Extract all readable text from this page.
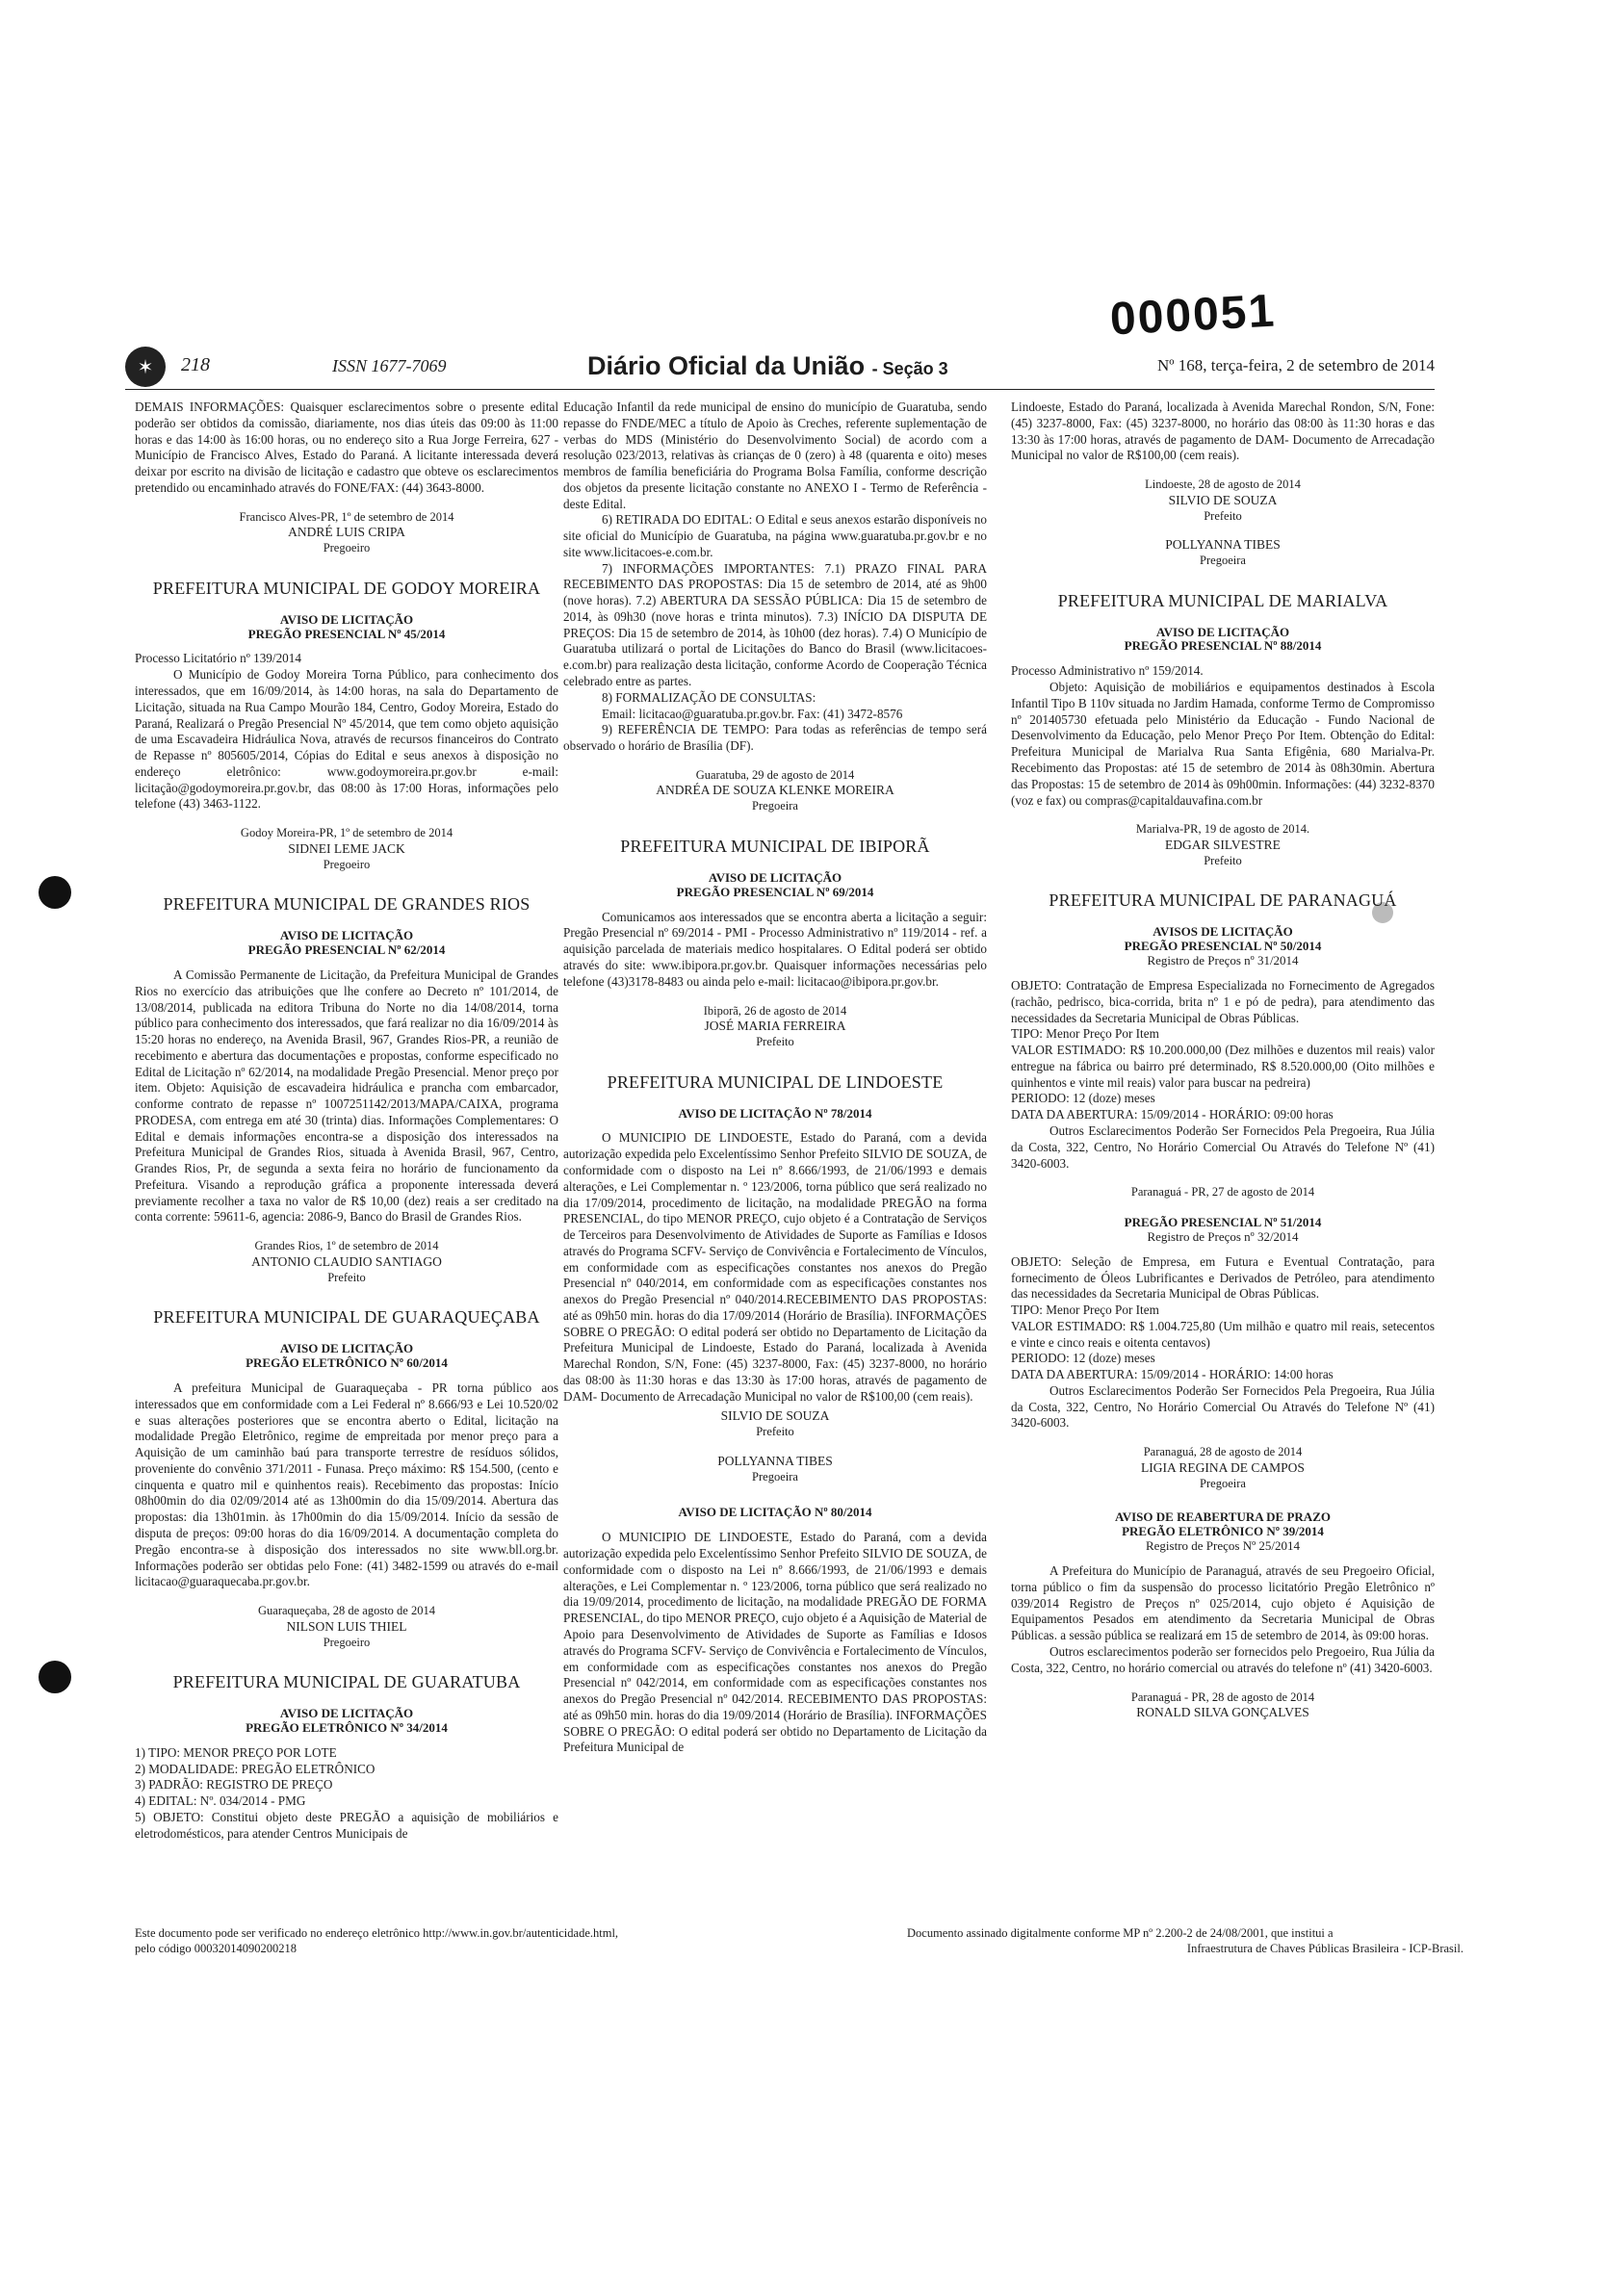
000051
✶	218	ISSN 1677-7069	Diário Oficial da União - Seção 3	Nº 168, terça-feira, 2 de setembro de 2014

DEMAIS INFORMAÇÕES: Quaisquer esclarecimentos sobre o presente edital poderão ser obtidos da comissão, diariamente, nos dias úteis das 09:00 às 11:00 horas e das 14:00 às 16:00 horas, ou no endereço sito a Rua Jorge Ferreira, 627 - Município de Francisco Alves, Estado do Paraná. A licitante interessada deverá deixar por escrito na divisão de licitação e cadastro que obteve os esclarecimentos pretendido ou encaminhado através do FONE/FAX: (44) 3643-8000.

Francisco Alves-PR, 1º de setembro de 2014
ANDRÉ LUIS CRIPA
Pregoeiro
PREFEITURA MUNICIPAL DE GODOY MOREIRA
AVISO DE LICITAÇÃO
PREGÃO PRESENCIAL Nº 45/2014

Processo Licitatório nº 139/2014

O Município de Godoy Moreira Torna Público, para conhecimento dos interessados, que em 16/09/2014, às 14:00 horas, na sala do Departamento de Licitação, situada na Rua Campo Mourão 184, Centro, Godoy Moreira, Estado do Paraná, Realizará o Pregão Presencial Nº 45/2014, que tem como objeto aquisição de uma Escavadeira Hidráulica Nova, através de recursos financeiros do Contrato de Repasse nº 805605/2014, Cópias do Edital e seus anexos à disposição no endereço eletrônico: www.godoymoreira.pr.gov.br e-mail: licitação@godoymoreira.pr.gov.br, das 08:00 às 17:00 Horas, informações pelo telefone (43) 3463-1122.

Godoy Moreira-PR, 1º de setembro de 2014
SIDNEI LEME JACK
Pregoeiro
PREFEITURA MUNICIPAL DE GRANDES RIOS
AVISO DE LICITAÇÃO
PREGÃO PRESENCIAL Nº 62/2014

A Comissão Permanente de Licitação, da Prefeitura Municipal de Grandes Rios no exercício das atribuições que lhe confere ao Decreto nº 101/2014, de 13/08/2014, publicada na editora Tribuna do Norte no dia 14/08/2014, torna público para conhecimento dos interessados, que fará realizar no dia 16/09/2014 às 15:20 horas no endereço, na Avenida Brasil, 967, Grandes Rios-PR, a reunião de recebimento e abertura das documentações e propostas, conforme especificado no Edital de Licitação nº 62/2014, na modalidade Pregão Presencial. Menor preço por item. Objeto: Aquisição de escavadeira hidráulica e prancha com embarcador, conforme contrato de repasse nº 1007251142/2013/MAPA/CAIXA, programa PRODESA, com entrega em até 30 (trinta) dias. Informações Complementares: O Edital e demais informações encontra-se a disposição dos interessados na Prefeitura Municipal de Grandes Rios, situada à Avenida Brasil, 967, Centro, Grandes Rios, Pr, de segunda a sexta feira no horário de funcionamento da Prefeitura. Visando a reprodução gráfica a proponente interessada deverá previamente recolher a taxa no valor de R$ 10,00 (dez) reais a ser creditado na conta corrente: 59611-6, agencia: 2086-9, Banco do Brasil de Grandes Rios.

Grandes Rios, 1º de setembro de 2014
ANTONIO CLAUDIO SANTIAGO
Prefeito
PREFEITURA MUNICIPAL DE GUARAQUEÇABA
AVISO DE LICITAÇÃO
PREGÃO ELETRÔNICO Nº 60/2014

A prefeitura Municipal de Guaraqueçaba - PR torna público aos interessados que em conformidade com a Lei Federal nº 8.666/93 e Lei 10.520/02 e suas alterações posteriores que se encontra aberto o Edital, licitação na modalidade Pregão Eletrônico, regime de empreitada por menor preço para a Aquisição de um caminhão baú para transporte terrestre de resíduos sólidos, proveniente do convênio 371/2011 - Funasa. Preço máximo: R$ 154.500, (cento e cinquenta e quatro mil e quinhentos reais). Recebimento das propostas: Início 08h00min do dia 02/09/2014 até as 13h00min do dia 15/09/2014. Abertura das propostas: dia 13h01min. às 17h00min do dia 15/09/2014. Início da sessão de disputa de preços: 09:00 horas do dia 16/09/2014. A documentação completa do Pregão encontra-se à disposição dos interessados no site www.bll.org.br. Informações poderão ser obtidas pelo Fone: (41) 3482-1599 ou através do e-mail licitacao@guaraquecaba.pr.gov.br.

Guaraqueçaba, 28 de agosto de 2014
NILSON LUIS THIEL
Pregoeiro
PREFEITURA MUNICIPAL DE GUARATUBA
AVISO DE LICITAÇÃO
PREGÃO ELETRÔNICO Nº 34/2014

1) TIPO: MENOR PREÇO POR LOTE

2) MODALIDADE: PREGÃO ELETRÔNICO

3) PADRÃO: REGISTRO DE PREÇO

4) EDITAL: Nº. 034/2014 - PMG

5) OBJETO: Constitui objeto deste PREGÃO a aquisição de mobiliários e eletrodomésticos, para atender Centros Municipais de

Educação Infantil da rede municipal de ensino do município de Guaratuba, sendo repasse do FNDE/MEC a título de Apoio às Creches, referente suplementação de verbas do MDS (Ministério do Desenvolvimento Social) de acordo com a resolução 023/2013, relativas às crianças de 0 (zero) à 48 (quarenta e oito) meses membros de família beneficiária do Programa Bolsa Família, conforme descrição dos objetos da presente licitação constante no ANEXO I - Termo de Referência - deste Edital.

6) RETIRADA DO EDITAL: O Edital e seus anexos estarão disponíveis no site oficial do Município de Guaratuba, na página www.guaratuba.pr.gov.br e no site www.licitacoes-e.com.br.

7) INFORMAÇÕES IMPORTANTES: 7.1) PRAZO FINAL PARA RECEBIMENTO DAS PROPOSTAS: Dia 15 de setembro de 2014, até as 9h00 (nove horas). 7.2) ABERTURA DA SESSÃO PÚBLICA: Dia 15 de setembro de 2014, às 09h30 (nove horas e trinta minutos). 7.3) INÍCIO DA DISPUTA DE PREÇOS: Dia 15 de setembro de 2014, às 10h00 (dez horas). 7.4) O Município de Guaratuba utilizará o portal de Licitações do Banco do Brasil (www.licitacoes-e.com.br) para realização desta licitação, conforme Acordo de Cooperação Técnica celebrado entre as partes.

8) FORMALIZAÇÃO DE CONSULTAS:

Email: licitacao@guaratuba.pr.gov.br. Fax: (41) 3472-8576

9) REFERÊNCIA DE TEMPO: Para todas as referências de tempo será observado o horário de Brasília (DF).

Guaratuba, 29 de agosto de 2014
ANDRÉA DE SOUZA KLENKE MOREIRA
Pregoeira
PREFEITURA MUNICIPAL DE IBIPORÃ
AVISO DE LICITAÇÃO
PREGÃO PRESENCIAL Nº 69/2014

Comunicamos aos interessados que se encontra aberta a licitação a seguir: Pregão Presencial nº 69/2014 - PMI - Processo Administrativo nº 119/2014 - ref. a aquisição parcelada de materiais medico hospitalares. O Edital poderá ser obtido através do site: www.ibipora.pr.gov.br. Quaisquer informações necessárias pelo telefone (43)3178-8483 ou ainda pelo e-mail: licitacao@ibipora.pr.gov.br.

Ibiporã, 26 de agosto de 2014
JOSÉ MARIA FERREIRA
Prefeito
PREFEITURA MUNICIPAL DE LINDOESTE
AVISO DE LICITAÇÃO Nº 78/2014

O MUNICIPIO DE LINDOESTE, Estado do Paraná, com a devida autorização expedida pelo Excelentíssimo Senhor Prefeito SILVIO DE SOUZA, de conformidade com o disposto na Lei nº 8.666/1993, de 21/06/1993 e demais alterações, e Lei Complementar n. º 123/2006, torna público que será realizado no dia 17/09/2014, procedimento de licitação, na modalidade PREGÃO na forma PRESENCIAL, do tipo MENOR PREÇO, cujo objeto é a Contratação de Serviços de Terceiros para Desenvolvimento de Atividades de Suporte as Famílias e Idosos através do Programa SCFV- Serviço de Convivência e Fortalecimento de Vínculos, em conformidade com as especificações constantes nos anexos do Pregão Presencial nº 040/2014, em conformidade com as especificações constantes nos anexos do Pregão Presencial nº 040/2014.RECEBIMENTO DAS PROPOSTAS: até as 09h50 min. horas do dia 17/09/2014 (Horário de Brasília). INFORMAÇÕES SOBRE O PREGÃO: O edital poderá ser obtido no Departamento de Licitação da Prefeitura Municipal de Lindoeste, Estado do Paraná, localizada à Avenida Marechal Rondon, S/N, Fone: (45) 3237-8000, Fax: (45) 3237-8000, no horário das 08:00 às 11:30 horas e das 13:30 às 17:00 horas, através de pagamento de DAM- Documento de Arrecadação Municipal no valor de R$100,00 (cem reais).

SILVIO DE SOUZA
Prefeito
POLLYANNA TIBES
Pregoeira
AVISO DE LICITAÇÃO Nº 80/2014

O MUNICIPIO DE LINDOESTE, Estado do Paraná, com a devida autorização expedida pelo Excelentíssimo Senhor Prefeito SILVIO DE SOUZA, de conformidade com o disposto na Lei nº 8.666/1993, de 21/06/1993 e demais alterações, e Lei Complementar n. º 123/2006, torna público que será realizado no dia 19/09/2014, procedimento de licitação, na modalidade PREGÃO DE FORMA PRESENCIAL, do tipo MENOR PREÇO, cujo objeto é a Aquisição de Material de Apoio para Desenvolvimento de Atividades de Suporte as Famílias e Idosos através do Programa SCFV- Serviço de Convivência e Fortalecimento de Vínculos, em conformidade com as especificações constantes nos anexos do Pregão Presencial nº 042/2014, em conformidade com as especificações constantes nos anexos do Pregão Presencial nº 042/2014. RECEBIMENTO DAS PROPOSTAS: até as 09h50 min. horas do dia 19/09/2014 (Horário de Brasília). INFORMAÇÕES SOBRE O PREGÃO: O edital poderá ser obtido no Departamento de Licitação da Prefeitura Municipal de

Lindoeste, Estado do Paraná, localizada à Avenida Marechal Rondon, S/N, Fone: (45) 3237-8000, Fax: (45) 3237-8000, no horário das 08:00 às 11:30 horas e das 13:30 às 17:00 horas, através de pagamento de DAM- Documento de Arrecadação Municipal no valor de R$100,00 (cem reais).

Lindoeste, 28 de agosto de 2014
SILVIO DE SOUZA
Prefeito
POLLYANNA TIBES
Pregoeira
PREFEITURA MUNICIPAL DE MARIALVA
AVISO DE LICITAÇÃO
PREGÃO PRESENCIAL Nº 88/2014

Processo Administrativo nº 159/2014.

Objeto: Aquisição de mobiliários e equipamentos destinados à Escola Infantil Tipo B 110v situada no Jardim Hamada, conforme Termo de Compromisso nº 201405730 efetuada pelo Ministério da Educação - Fundo Nacional de Desenvolvimento da Educação, pelo Menor Preço Por Item. Obtenção do Edital: Prefeitura Municipal de Marialva Rua Santa Efigênia, 680 Marialva-Pr. Recebimento das Propostas: até 15 de setembro de 2014 às 08h30min. Abertura das Propostas: 15 de setembro de 2014 às 09h00min. Informações: (44) 3232-8370 (voz e fax) ou compras@capitaldauvafina.com.br

Marialva-PR, 19 de agosto de 2014.
EDGAR SILVESTRE
Prefeito
PREFEITURA MUNICIPAL DE PARANAGUÁ
AVISOS DE LICITAÇÃO
PREGÃO PRESENCIAL Nº 50/2014
Registro de Preços nº 31/2014

OBJETO: Contratação de Empresa Especializada no Fornecimento de Agregados (rachão, pedrisco, bica-corrida, brita nº 1 e pó de pedra), para atendimento das necessidades da Secretaria Municipal de Obras Públicas.

TIPO: Menor Preço Por Item

VALOR ESTIMADO: R$ 10.200.000,00 (Dez milhões e duzentos mil reais) valor entregue na fábrica ou bairro pré determinado, R$ 8.520.000,00 (Oito milhões e quinhentos e vinte mil reais) valor para buscar na pedreira)

PERIODO: 12 (doze) meses

DATA DA ABERTURA: 15/09/2014 - HORÁRIO: 09:00 horas

Outros Esclarecimentos Poderão Ser Fornecidos Pela Pregoeira, Rua Júlia da Costa, 322, Centro, No Horário Comercial Ou Através do Telefone Nº (41) 3420-6003.

Paranaguá - PR, 27 de agosto de 2014
PREGÃO PRESENCIAL Nº 51/2014
Registro de Preços nº 32/2014

OBJETO: Seleção de Empresa, em Futura e Eventual Contratação, para fornecimento de Óleos Lubrificantes e Derivados de Petróleo, para atendimento das necessidades da Secretaria Municipal de Obras Públicas.

TIPO: Menor Preço Por Item

VALOR ESTIMADO: R$ 1.004.725,80 (Um milhão e quatro mil reais, setecentos e vinte e cinco reais e oitenta centavos)

PERIODO: 12 (doze) meses

DATA DA ABERTURA: 15/09/2014 - HORÁRIO: 14:00 horas

Outros Esclarecimentos Poderão Ser Fornecidos Pela Pregoeira, Rua Júlia da Costa, 322, Centro, No Horário Comercial Ou Através do Telefone Nº (41) 3420-6003.

Paranaguá, 28 de agosto de 2014
LIGIA REGINA DE CAMPOS
Pregoeira
AVISO DE REABERTURA DE PRAZO
PREGÃO ELETRÔNICO Nº 39/2014
Registro de Preços Nº 25/2014

A Prefeitura do Município de Paranaguá, através de seu Pregoeiro Oficial, torna público o fim da suspensão do processo licitatório Pregão Eletrônico nº 039/2014 Registro de Preços nº 025/2014, cujo objeto é Aquisição de Equipamentos Pesados em atendimento da Secretaria Municipal de Obras Públicas. a sessão pública se realizará em 15 de setembro de 2014, às 09:00 horas.

Outros esclarecimentos poderão ser fornecidos pelo Pregoeiro, Rua Júlia da Costa, 322, Centro, no horário comercial ou através do telefone nº (41) 3420-6003.

Paranaguá - PR, 28 de agosto de 2014
RONALD SILVA GONÇALVES
Este documento pode ser verificado no endereço eletrônico http://www.in.gov.br/autenticidade.html,
pelo código 00032014090200218
Documento assinado digitalmente conforme MP nº 2.200-2 de 24/08/2001, que institui a
Infraestrutura de Chaves Públicas Brasileira - ICP-Brasil.
